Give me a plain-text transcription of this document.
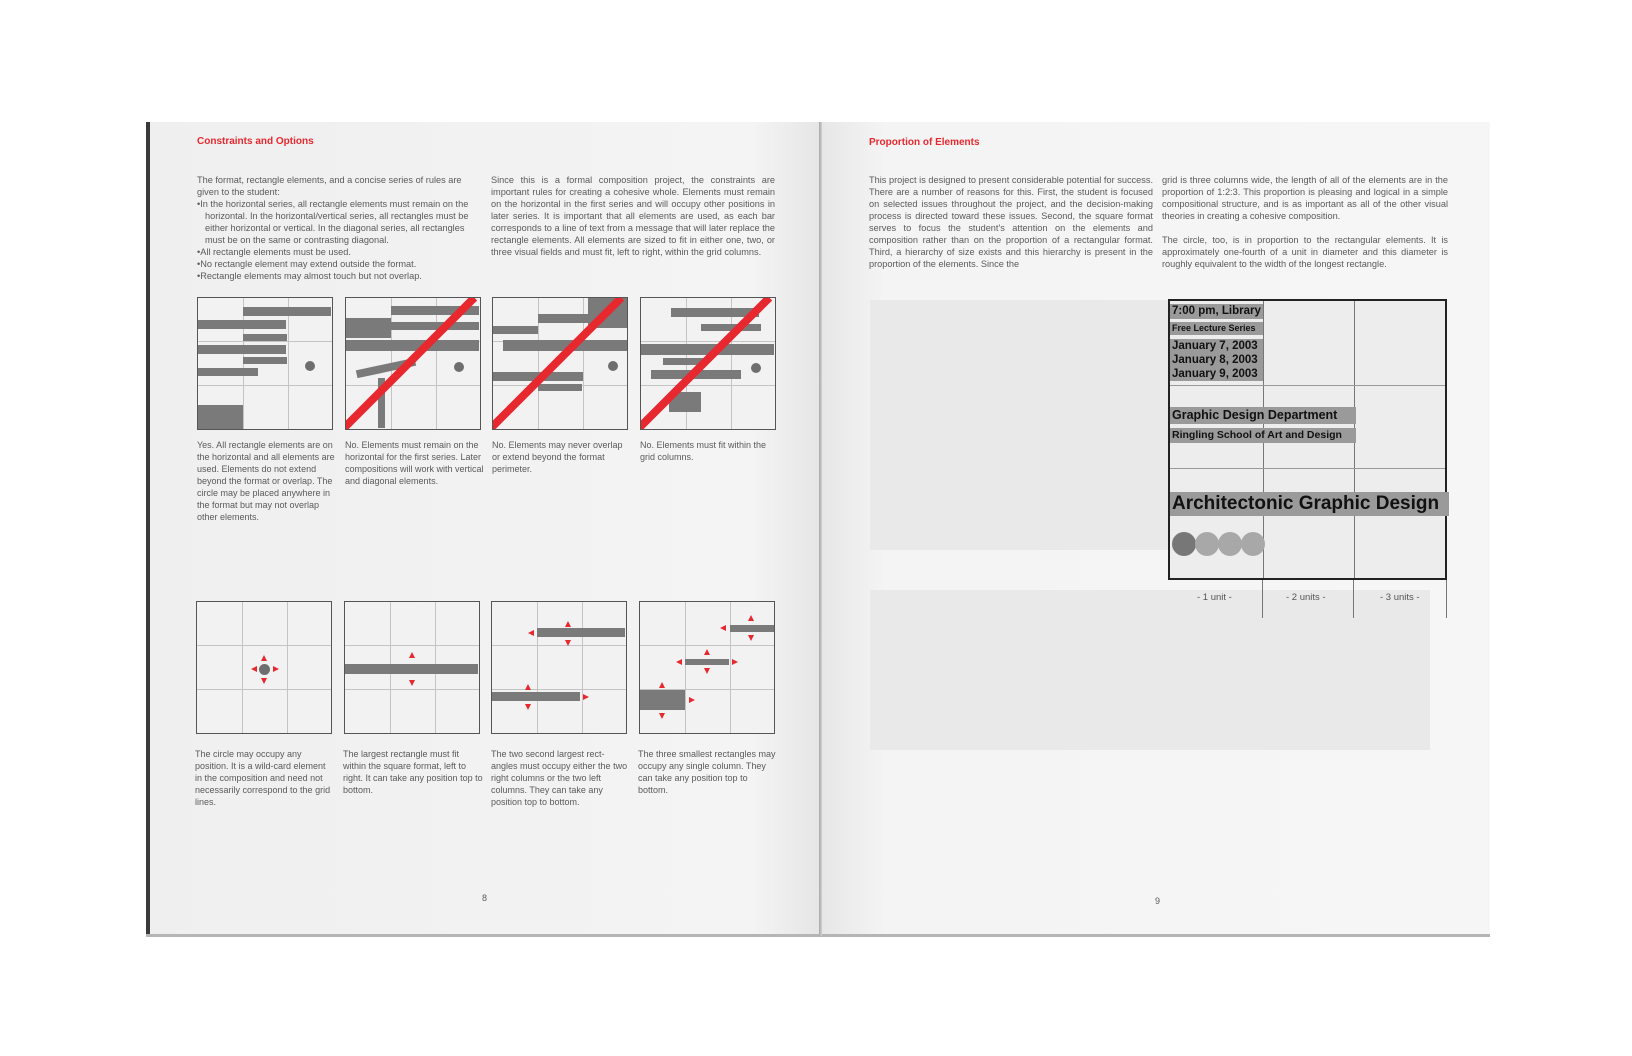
Constraints and Options
The format, rectangle elements, and a concise series of rules are given to the student:
• In the horizontal series, all rectangle elements must remain on the horizontal. In the horizontal/vertical series, all rectangles must be either horizontal or vertical. In the diagonal series, all rectangles must be on the same or contrasting diagonal.
• All rectangle elements must be used.
• No rectangle element may extend outside the format.
• Rectangle elements may almost touch but not overlap.
Since this is a formal composition project, the constraints are important rules for creating a cohesive whole. Elements must remain on the horizontal in the first series and will occupy other positions in later series. It is important that all elements are used, as each bar corresponds to a line of text from a message that will later replace the rectangle elements. All elements are sized to fit in either one, two, or three visual fields and must fit, left to right, within the grid columns.
Yes. All rectangle elements are on the horizontal and all elements are used. Elements do not extend beyond the format or overlap. The circle may be placed anywhere in the format but may not overlap other elements.
No. Elements must remain on the horizontal for the first series. Later compositions will work with vertical and diagonal elements.
No. Elements may never overlap or extend beyond the format perimeter.
No. Elements must fit within the grid columns.
The circle may occupy any position. It is a wild-card element in the composition and need not necessarily correspond to the grid lines.
The largest rectangle must fit within the square format, left to right. It can take any position top to bottom.
The two second largest rect-angles must occupy either the two right columns or the two left columns. They can take any position top to bottom.
The three smallest rectangles may occupy any single column. They can take any position top to bottom.
8
Proportion of Elements
This project is designed to present considerable potential for success. There are a number of reasons for this. First, the student is focused on selected issues throughout the project, and the decision-making process is directed toward these issues. Second, the square format serves to focus the student's attention on the elements and composition rather than on the proportion of a rectangular format. Third, a hierarchy of size exists and this hierarchy is present in the proportion of the elements. Since the

grid is three columns wide, the length of all of the elements are in the proportion of 1:2:3. This proportion is pleasing and logical in a simple compositional structure, and is as important as all of the other visual theories in creating a cohesive composition.

The circle, too, is in proportion to the rectangular elements. It is approximately one-fourth of a unit in diameter and this diameter is roughly equivalent to the width of the longest rectangle.

7:00 pm, Library
Free Lecture Series
January 7, 2003
January 8, 2003
January 9, 2003
Graphic Design Department
Ringling School of Art and Design
Architectonic Graphic Design
- 1 unit -	- 2 units -	- 3 units -
9
